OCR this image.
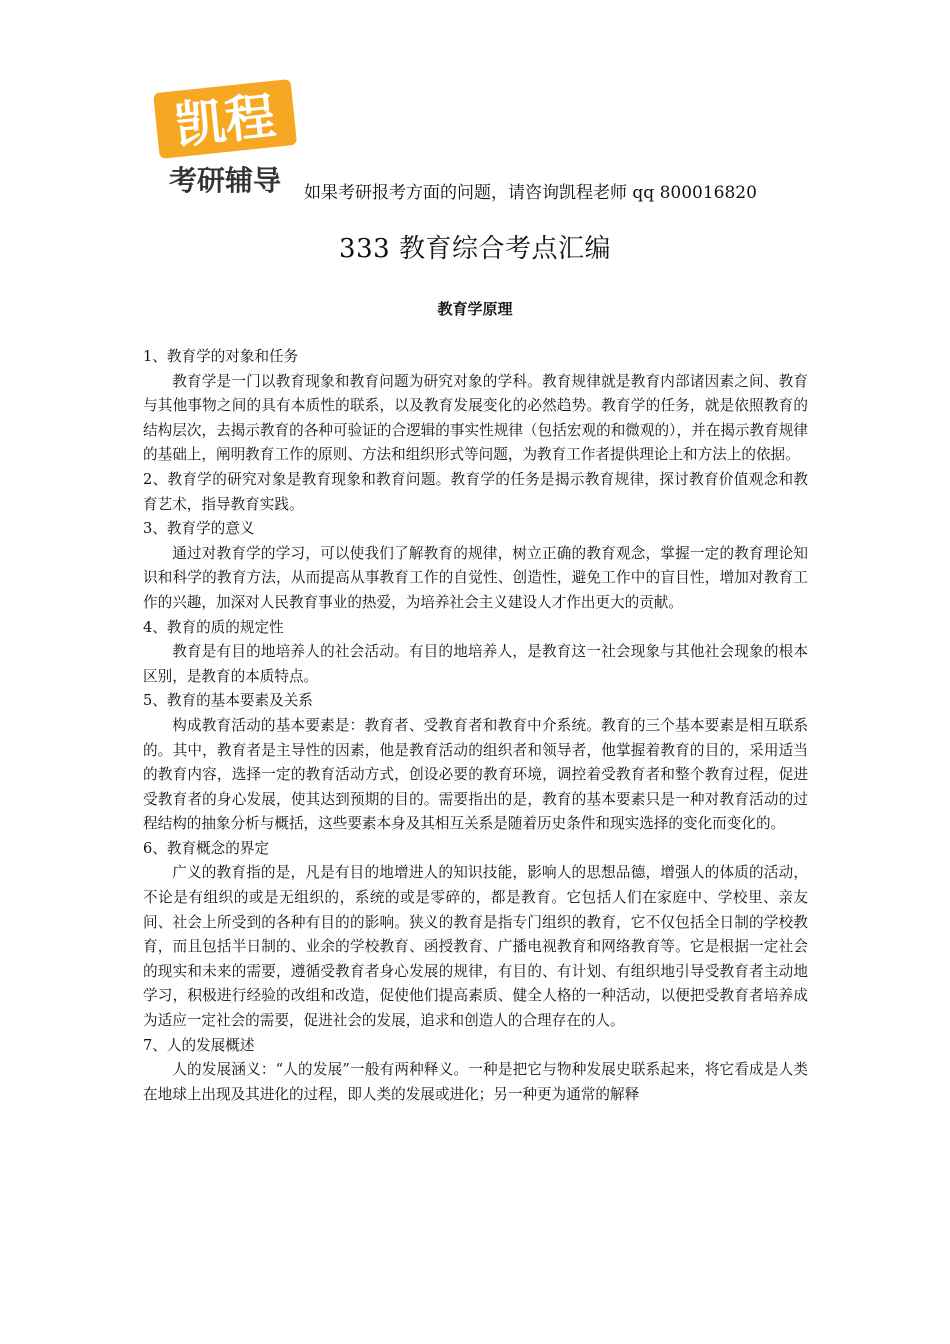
凯程
考研辅导 如果考研报考方面的问题，请咨询凯程老师 qq 800016820
333 教育综合考点汇编
教育学原理

1、教育学的对象和任务

教育学是一门以教育现象和教育问题为研究对象的学科。教育规律就是教育内部诸因素之间、教育与其他事物之间的具有本质性的联系，以及教育发展变化的必然趋势。教育学的任务，就是依照教育的结构层次，去揭示教育的各种可验证的合逻辑的事实性规律（包括宏观的和微观的），并在揭示教育规律的基础上，阐明教育工作的原则、方法和组织形式等问题，为教育工作者提供理论上和方法上的依据。

2、教育学的研究对象是教育现象和教育问题。教育学的任务是揭示教育规律，探讨教育价值观念和教育艺术，指导教育实践。

3、教育学的意义

通过对教育学的学习，可以使我们了解教育的规律，树立正确的教育观念，掌握一定的教育理论知识和科学的教育方法，从而提高从事教育工作的自觉性、创造性，避免工作中的盲目性，增加对教育工作的兴趣，加深对人民教育事业的热爱，为培养社会主义建设人才作出更大的贡献。

4、教育的质的规定性

教育是有目的地培养人的社会活动。有目的地培养人，是教育这一社会现象与其他社会现象的根本区别，是教育的本质特点。

5、教育的基本要素及关系

构成教育活动的基本要素是：教育者、受教育者和教育中介系统。教育的三个基本要素是相互联系的。其中，教育者是主导性的因素，他是教育活动的组织者和领导者，他掌握着教育的目的，采用适当的教育内容，选择一定的教育活动方式，创设必要的教育环境，调控着受教育者和整个教育过程，促进受教育者的身心发展，使其达到预期的目的。需要指出的是，教育的基本要素只是一种对教育活动的过程结构的抽象分析与概括，这些要素本身及其相互关系是随着历史条件和现实选择的变化而变化的。

6、教育概念的界定

广义的教育指的是，凡是有目的地增进人的知识技能，影响人的思想品德，增强人的体质的活动，不论是有组织的或是无组织的，系统的或是零碎的，都是教育。它包括人们在家庭中、学校里、亲友间、社会上所受到的各种有目的的影响。狭义的教育是指专门组织的教育，它不仅包括全日制的学校教育，而且包括半日制的、业余的学校教育、函授教育、广播电视教育和网络教育等。它是根据一定社会的现实和未来的需要，遵循受教育者身心发展的规律，有目的、有计划、有组织地引导受教育者主动地学习，积极进行经验的改组和改造，促使他们提高素质、健全人格的一种活动，以便把受教育者培养成为适应一定社会的需要，促进社会的发展，追求和创造人的合理存在的人。

7、人的发展概述

人的发展涵义：“人的发展”一般有两种释义。一种是把它与物种发展史联系起来，将它看成是人类在地球上出现及其进化的过程，即人类的发展或进化；另一种更为通常的解释
